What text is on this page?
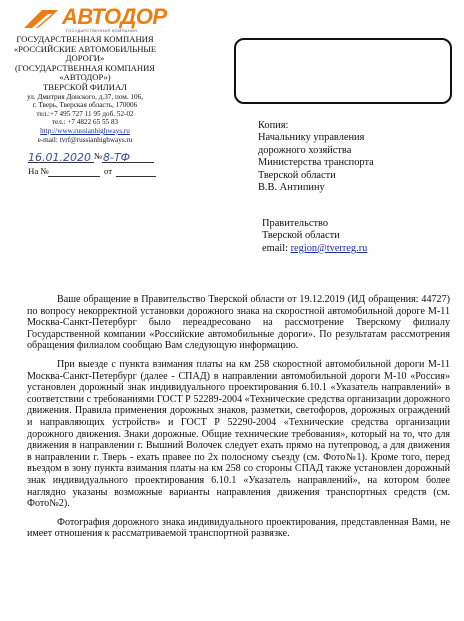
АВТОДОР
ГОСУДАРСТВЕННАЯ КОМПАНИЯ
ГОСУДАРСТВЕННАЯ КОМПАНИЯ
«РОССИЙСКИЕ АВТОМОБИЛЬНЫЕ
ДОРОГИ»
(ГОСУДАРСТВЕННАЯ КОМПАНИЯ
«АВТОДОР»)
ТВЕРСКОЙ ФИЛИАЛ
ул. Дмитрия Донского, д.37, пом. 106,
г. Тверь, Тверская область, 170006
тел.:+7 495 727 11 95 доб. 52-02
тел.: +7 4822 65 55 83
http://www.russianhighways.ru
e-mail: tvrf@russianhighways.ru
№
16.01.2020 8-ТФ
На №	от
Копия:
Начальнику управления
дорожного хозяйства
Министерства транспорта
Тверской области
В.В. Антипину
Правительство
Тверской области
email: region@tverreg.ru

Ваше обращение в Правительство Тверской области от 19.12.2019 (ИД обращения: 44727) по вопросу некорректной установки дорожного знака на скоростной автомобильной дороге М-11 Москва-Санкт-Петербург было переадресовано на рассмотрение Тверскому филиалу Государственной компании «Российские автомобильные дороги». По результатам рассмотрения обращения филиалом сообщаю Вам следующую информацию.

При выезде с пункта взимания платы на км 258 скоростной автомобильной дороги М-11 Москва-Санкт-Петербург (далее - СПАД) в направлении автомобильной дороги М-10 «Россия» установлен дорожный знак индивидуального проектирования 6.10.1 «Указатель направлений» в соответствии с требованиями ГОСТ Р 52289-2004 «Технические средства организации дорожного движения. Правила применения дорожных знаков, разметки, светофоров, дорожных ограждений и направляющих устройств» и ГОСТ Р 52290-2004 «Технические средства организации дорожного движения. Знаки дорожные. Общие технические требования», который на то, что для движения в направлении г. Вышний Волочек следует ехать прямо на путепровод, а для движения в направлении г. Тверь - ехать правее по 2х полосному съезду (см. Фото№1). Кроме того, перед въездом в зону пункта взимания платы на км 258 со стороны СПАД также установлен дорожный знак индивидуального проектирования 6.10.1 «Указатель направлений», на котором более наглядно указаны возможные варианты направления движения транспортных средств (см. Фото№2).

Фотография дорожного знака индивидуального проектирования, представленная Вами, не имеет отношения к рассматриваемой транспортной развязке.
